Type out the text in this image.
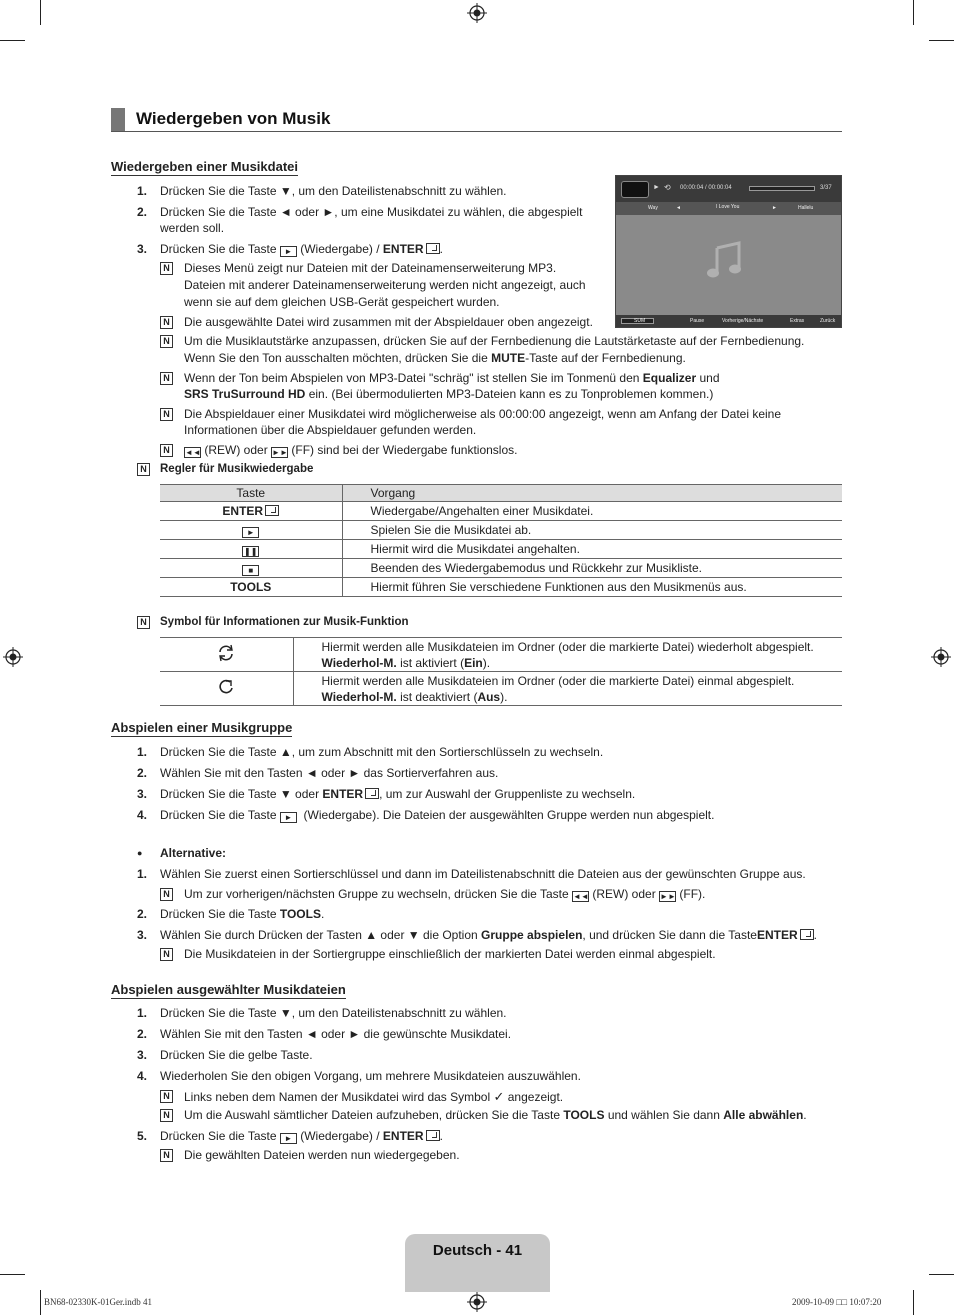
Wiedergeben von Musik
Wiedergeben einer Musikdatei
1. Drücken Sie die Taste ▼, um den Dateilistenabschnitt zu wählen.
2. Drücken Sie die Taste ◄ oder ►, um eine Musikdatei zu wählen, die abgespielt
werden soll.
3. Drücken Sie die Taste ► (Wiedergabe) / ENTER .
N Dieses Menü zeigt nur Dateien mit der Dateinamenserweiterung MP3.
Dateien mit anderer Dateinamenserweiterung werden nicht angezeigt, auch
wenn sie auf dem gleichen USB-Gerät gespeichert wurden.
N Die ausgewählte Datei wird zusammen mit der Abspieldauer oben angezeigt.
N Um die Musiklautstärke anzupassen, drücken Sie auf der Fernbedienung die Lautstärketaste auf der Fernbedienung.
Wenn Sie den Ton ausschalten möchten, drücken Sie die MUTE-Taste auf der Fernbedienung.
N Wenn der Ton beim Abspielen von MP3-Datei "schräg" ist stellen Sie im Tonmenü den Equalizer und
SRS TruSurround HD ein. (Bei übermodulierten MP3-Dateien kann es zu Tonproblemen kommen.)
N Die Abspieldauer einer Musikdatei wird möglicherweise als 00:00:00 angezeigt, wenn am Anfang der Datei keine
Informationen über die Abspieldauer gefunden werden.
N	◄◄ (REW) oder ►► (FF) sind bei der Wiedergabe funktionslos.
► ⟲ 00:00:04 / 00:00:04	3/37
Way	◄	I Love You	►	Hallelu
SUM	Pause	Vorherige/Nächste	Extras	Zurück
N Regler für Musikwiedergabe
Taste	Vorgang
ENTER	Wiedergabe/Angehalten einer Musikdatei.
►	Spielen Sie die Musikdatei ab.
❚❚	Hiermit wird die Musikdatei angehalten.
■	Beenden des Wiedergabemodus und Rückkehr zur Musikliste.
TOOLS	Hiermit führen Sie verschiedene Funktionen aus den Musikmenüs aus.
N Symbol für Informationen zur Musik-Funktion

Hiermit werden alle Musikdateien im Ordner (oder die markierte Datei) wiederholt abgespielt.
Wiederhol-M. ist aktiviert (Ein).

Hiermit werden alle Musikdateien im Ordner (oder die markierte Datei) einmal abgespielt.
Wiederhol-M. ist deaktiviert (Aus).
Abspielen einer Musikgruppe
1. Drücken Sie die Taste ▲, um zum Abschnitt mit den Sortierschlüsseln zu wechseln.
2. Wählen Sie mit den Tasten ◄ oder ► das Sortierverfahren aus.
3. Drücken Sie die Taste ▼ oder ENTER , um zur Auswahl der Gruppenliste zu wechseln.
4. Drücken Sie die Taste ► (Wiedergabe). Die Dateien der ausgewählten Gruppe werden nun abgespielt.
● Alternative:
1. Wählen Sie zuerst einen Sortierschlüssel und dann im Dateilistenabschnitt die Dateien aus der gewünschten Gruppe aus.
N Um zur vorherigen/nächsten Gruppe zu wechseln, drücken Sie die Taste ◄◄ (REW) oder ►► (FF).
2. Drücken Sie die Taste TOOLS.
3. Wählen Sie durch Drücken der Tasten ▲ oder ▼ die Option Gruppe abspielen, und drücken Sie dann die TasteENTER .
N Die Musikdateien in der Sortiergruppe einschließlich der markierten Datei werden einmal abgespielt.
Abspielen ausgewählter Musikdateien
1. Drücken Sie die Taste ▼, um den Dateilistenabschnitt zu wählen.
2. Wählen Sie mit den Tasten ◄ oder ► die gewünschte Musikdatei.
3. Drücken Sie die gelbe Taste.
4. Wiederholen Sie den obigen Vorgang, um mehrere Musikdateien auszuwählen.
N Links neben dem Namen der Musikdatei wird das Symbol ✓ angezeigt.
N Um die Auswahl sämtlicher Dateien aufzuheben, drücken Sie die Taste TOOLS und wählen Sie dann Alle abwählen.
5. Drücken Sie die Taste ► (Wiedergabe) / ENTER .
N Die gewählten Dateien werden nun wiedergegeben.
Deutsch - 41
BN68-02330K-01Ger.indb 41	2009-10-09 □□ 10:07:20
